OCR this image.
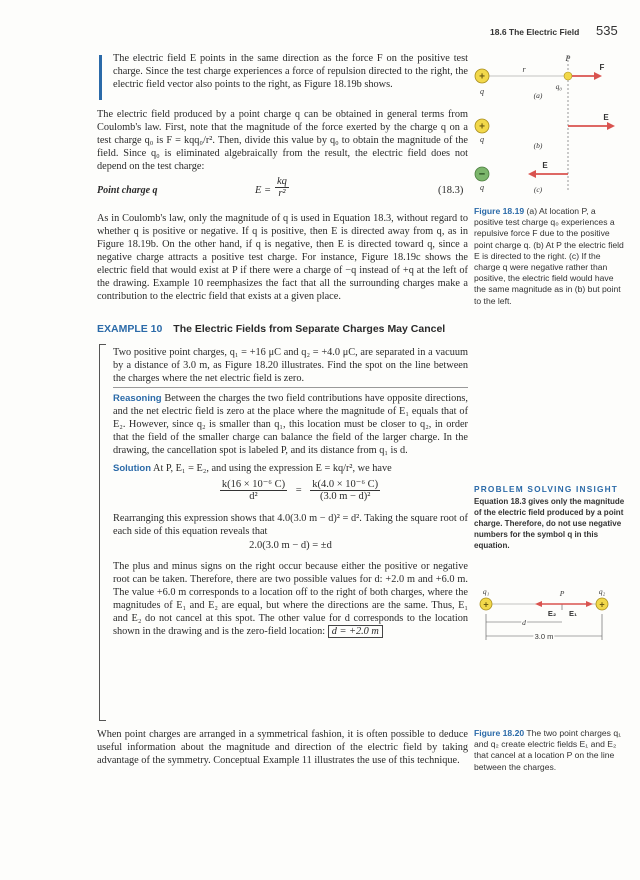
18.6 The Electric Field 535
The electric field E points in the same direction as the force F on the positive test charge. Since the test charge experiences a force of repulsion directed to the right, the electric field vector also points to the right, as Figure 18.19b shows.
The electric field produced by a point charge q can be obtained in general terms from Coulomb's law. First, note that the magnitude of the force exerted by the charge q on a test charge q₀ is F = kqq₀/r². Then, divide this value by q₀ to obtain the magnitude of the field. Since q₀ is eliminated algebraically from the result, the electric field does not depend on the test charge:
Point charge q	$E = \frac{kq}{\text{r²}}$	(18.3)
As in Coulomb's law, only the magnitude of q is used in Equation 18.3, without regard to whether q is positive or negative. If q is positive, then E is directed away from q, as in Figure 18.19b. On the other hand, if q is negative, then E is directed toward q, since a negative charge attracts a positive test charge. For instance, Figure 18.19c shows the electric field that would exist at P if there were a charge of −q instead of +q at the left of the drawing. Example 10 reemphasizes the fact that all the surrounding charges make a contribution to the electric field that exists at a given place.
+
q
r
P
q₀
F
(a)
+
q
E
(b)
−
q
E
(c)
Figure 18.19 (a) At location P, a positive test charge q₀ experiences a repulsive force F due to the positive point charge q. (b) At P the electric field E is directed to the right. (c) If the charge q were negative rather than positive, the electric field would have the same magnitude as in (b) but point to the left.
EXAMPLE 10 The Electric Fields from Separate Charges May Cancel
Two positive point charges, q₁ = +16 μC and q₂ = +4.0 μC, are separated in a vacuum by a distance of 3.0 m, as Figure 18.20 illustrates. Find the spot on the line between the charges where the net electric field is zero.
Reasoning Between the charges the two field contributions have opposite directions, and the net electric field is zero at the place where the magnitude of E₁ equals that of E₂. However, since q₂ is smaller than q₁, this location must be closer to q₂, in order that the field of the smaller charge can balance the field of the larger charge. In the drawing, the cancellation spot is labeled P, and its distance from q₁ is d.
Solution At P, E₁ = E₂, and using the expression E = kq/r², we have
$\frac{\text{k(16 × 10⁻⁶ C)}}{\text{d²}} = \frac{\text{k(4.0 × 10⁻⁶ C)}}{\text{(3.0 m − d)²}}$
Rearranging this expression shows that 4.0(3.0 m − d)² = d². Taking the square root of each side of this equation reveals that
2.0(3.0 m − d) = ±d
The plus and minus signs on the right occur because either the positive or negative root can be taken. Therefore, there are two possible values for d: +2.0 m and +6.0 m. The value +6.0 m corresponds to a location off to the right of both charges, where the magnitudes of E₁ and E₂ are equal, but where the directions are the same. Thus, E₁ and E₂ do not cancel at this spot. The other value for d corresponds to the location shown in the drawing and is the zero-field location: d = +2.0 m
PROBLEM SOLVING INSIGHT
Equation 18.3 gives only the magnitude of the electric field produced by a point charge. Therefore, do not use negative numbers for the symbol q in this equation.
+
q₁
+
q₂
P
E₂ E₁
d
3.0 m
Figure 18.20 The two point charges q₁ and q₂ create electric fields E₁ and E₂ that cancel at a location P on the line between the charges.
When point charges are arranged in a symmetrical fashion, it is often possible to deduce useful information about the magnitude and direction of the electric field by taking advantage of the symmetry. Conceptual Example 11 illustrates the use of this technique.
